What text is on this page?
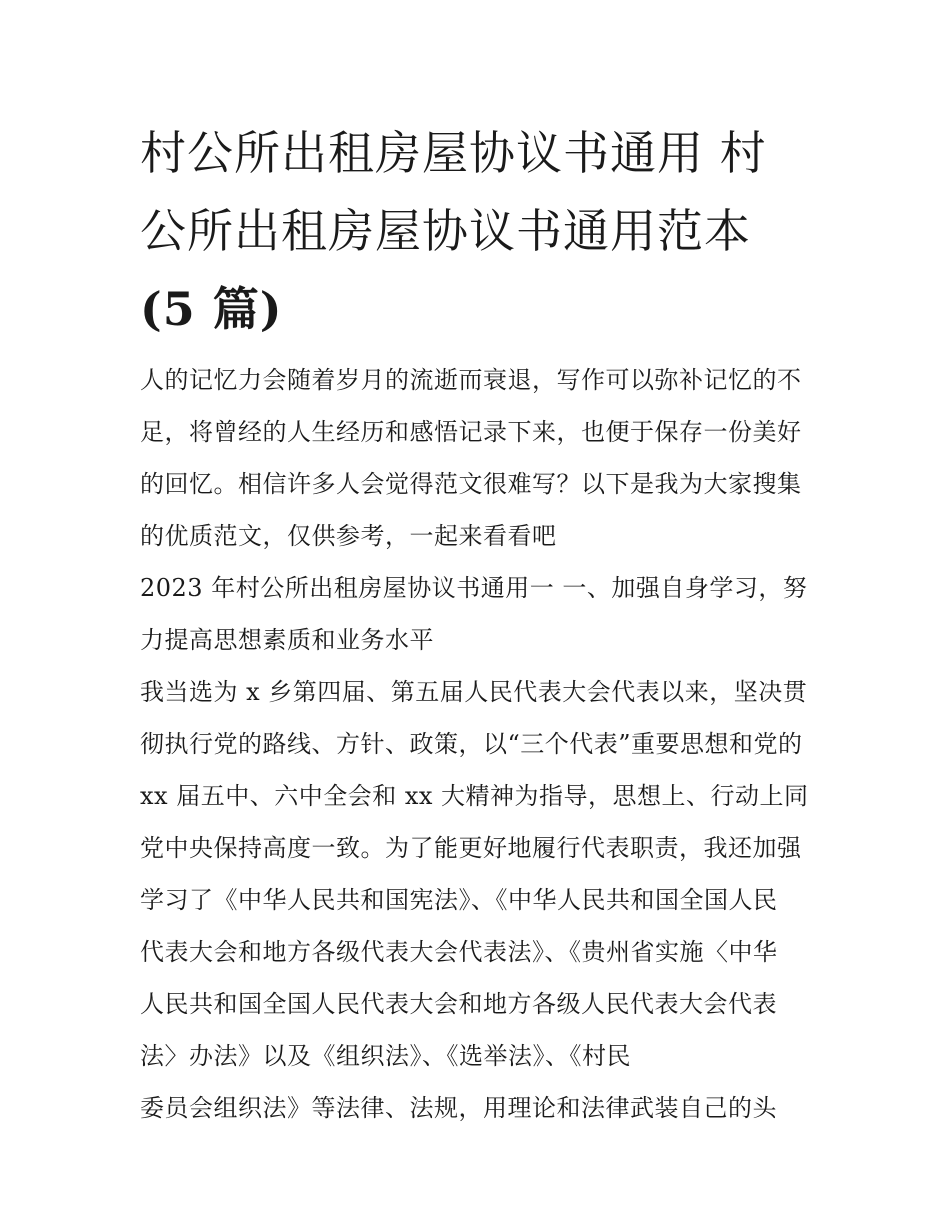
村公所出租房屋协议书通用 村
公所出租房屋协议书通用范本
(5 篇)
人的记忆力会随着岁月的流逝而衰退，写作可以弥补记忆的不
足，将曾经的人生经历和感悟记录下来，也便于保存一份美好
的回忆。相信许多人会觉得范文很难写？以下是我为大家搜集
的优质范文，仅供参考，一起来看看吧
2023 年村公所出租房屋协议书通用一 一、加强自身学习，努
力提高思想素质和业务水平
我当选为 x 乡第四届、第五届人民代表大会代表以来，坚决贯
彻执行党的路线、方针、政策，以“三个代表”重要思想和党的
xx 届五中、六中全会和 xx 大精神为指导，思想上、行动上同
党中央保持高度一致。为了能更好地履行代表职责，我还加强
学习了《中华人民共和国宪法》、《中华人民共和国全国人民
代表大会和地方各级代表大会代表法》、《贵州省实施〈中华
人民共和国全国人民代表大会和地方各级人民代表大会代表
法〉办法》以及《组织法》、《选举法》、《村民
委员会组织法》等法律、法规，用理论和法律武装自己的头
